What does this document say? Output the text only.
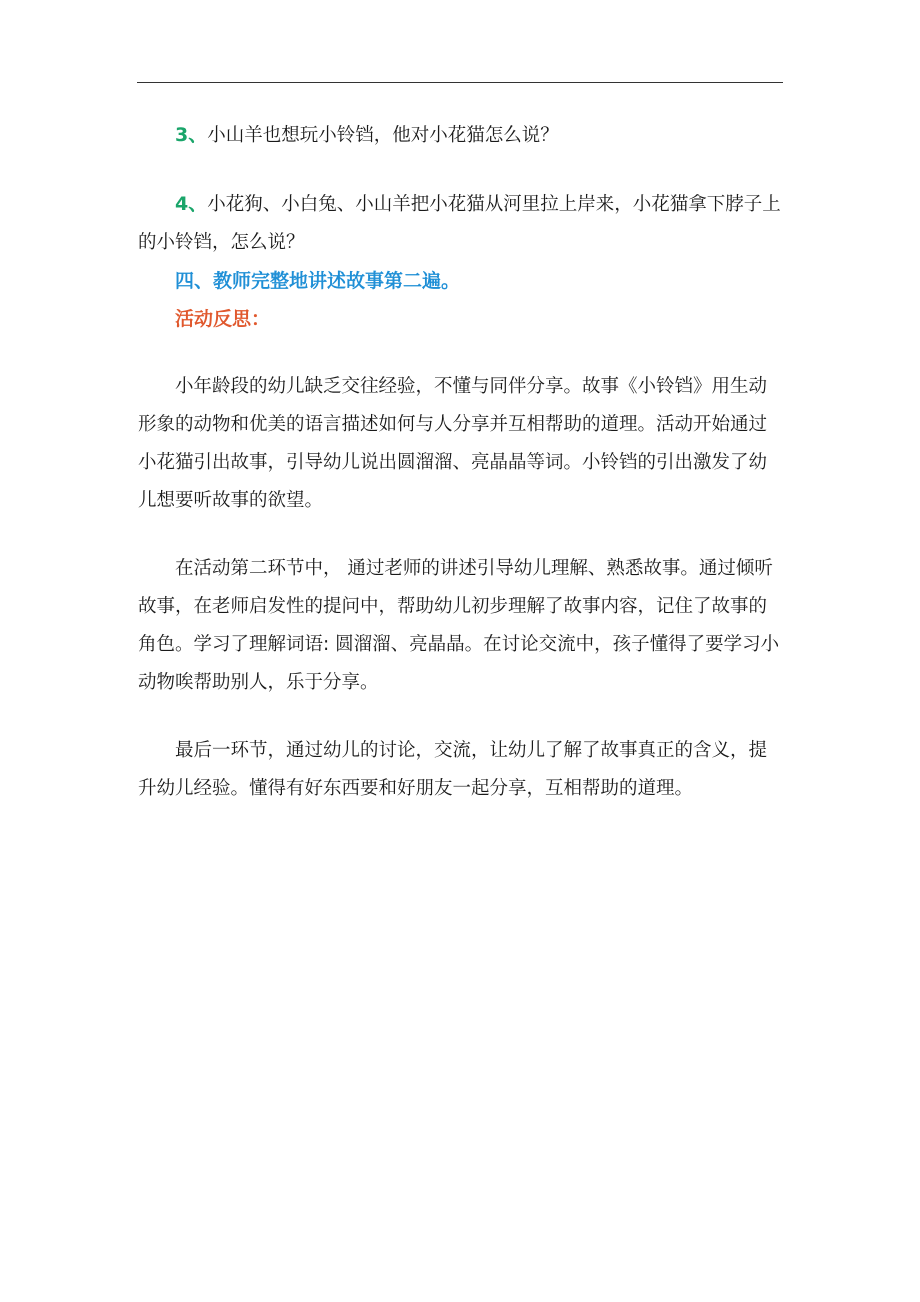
3、小山羊也想玩小铃铛，他对小花猫怎么说？

4、小花狗、小白兔、小山羊把小花猫从河里拉上岸来，小花猫拿下脖子上的小铃铛，怎么说？

四、教师完整地讲述故事第二遍。

活动反思：

小年龄段的幼儿缺乏交往经验，不懂与同伴分享。故事《小铃铛》用生动形象的动物和优美的语言描述如何与人分享并互相帮助的道理。活动开始通过小花猫引出故事，引导幼儿说出圆溜溜、亮晶晶等词。小铃铛的引出激发了幼儿想要听故事的欲望。

在活动第二环节中， 通过老师的讲述引导幼儿理解、熟悉故事。通过倾听故事，在老师启发性的提问中，帮助幼儿初步理解了故事内容，记住了故事的角色。学习了理解词语: 圆溜溜、亮晶晶。在讨论交流中，孩子懂得了要学习小动物唉帮助别人，乐于分享。

最后一环节，通过幼儿的讨论，交流，让幼儿了解了故事真正的含义，提升幼儿经验。懂得有好东西要和好朋友一起分享，互相帮助的道理。
